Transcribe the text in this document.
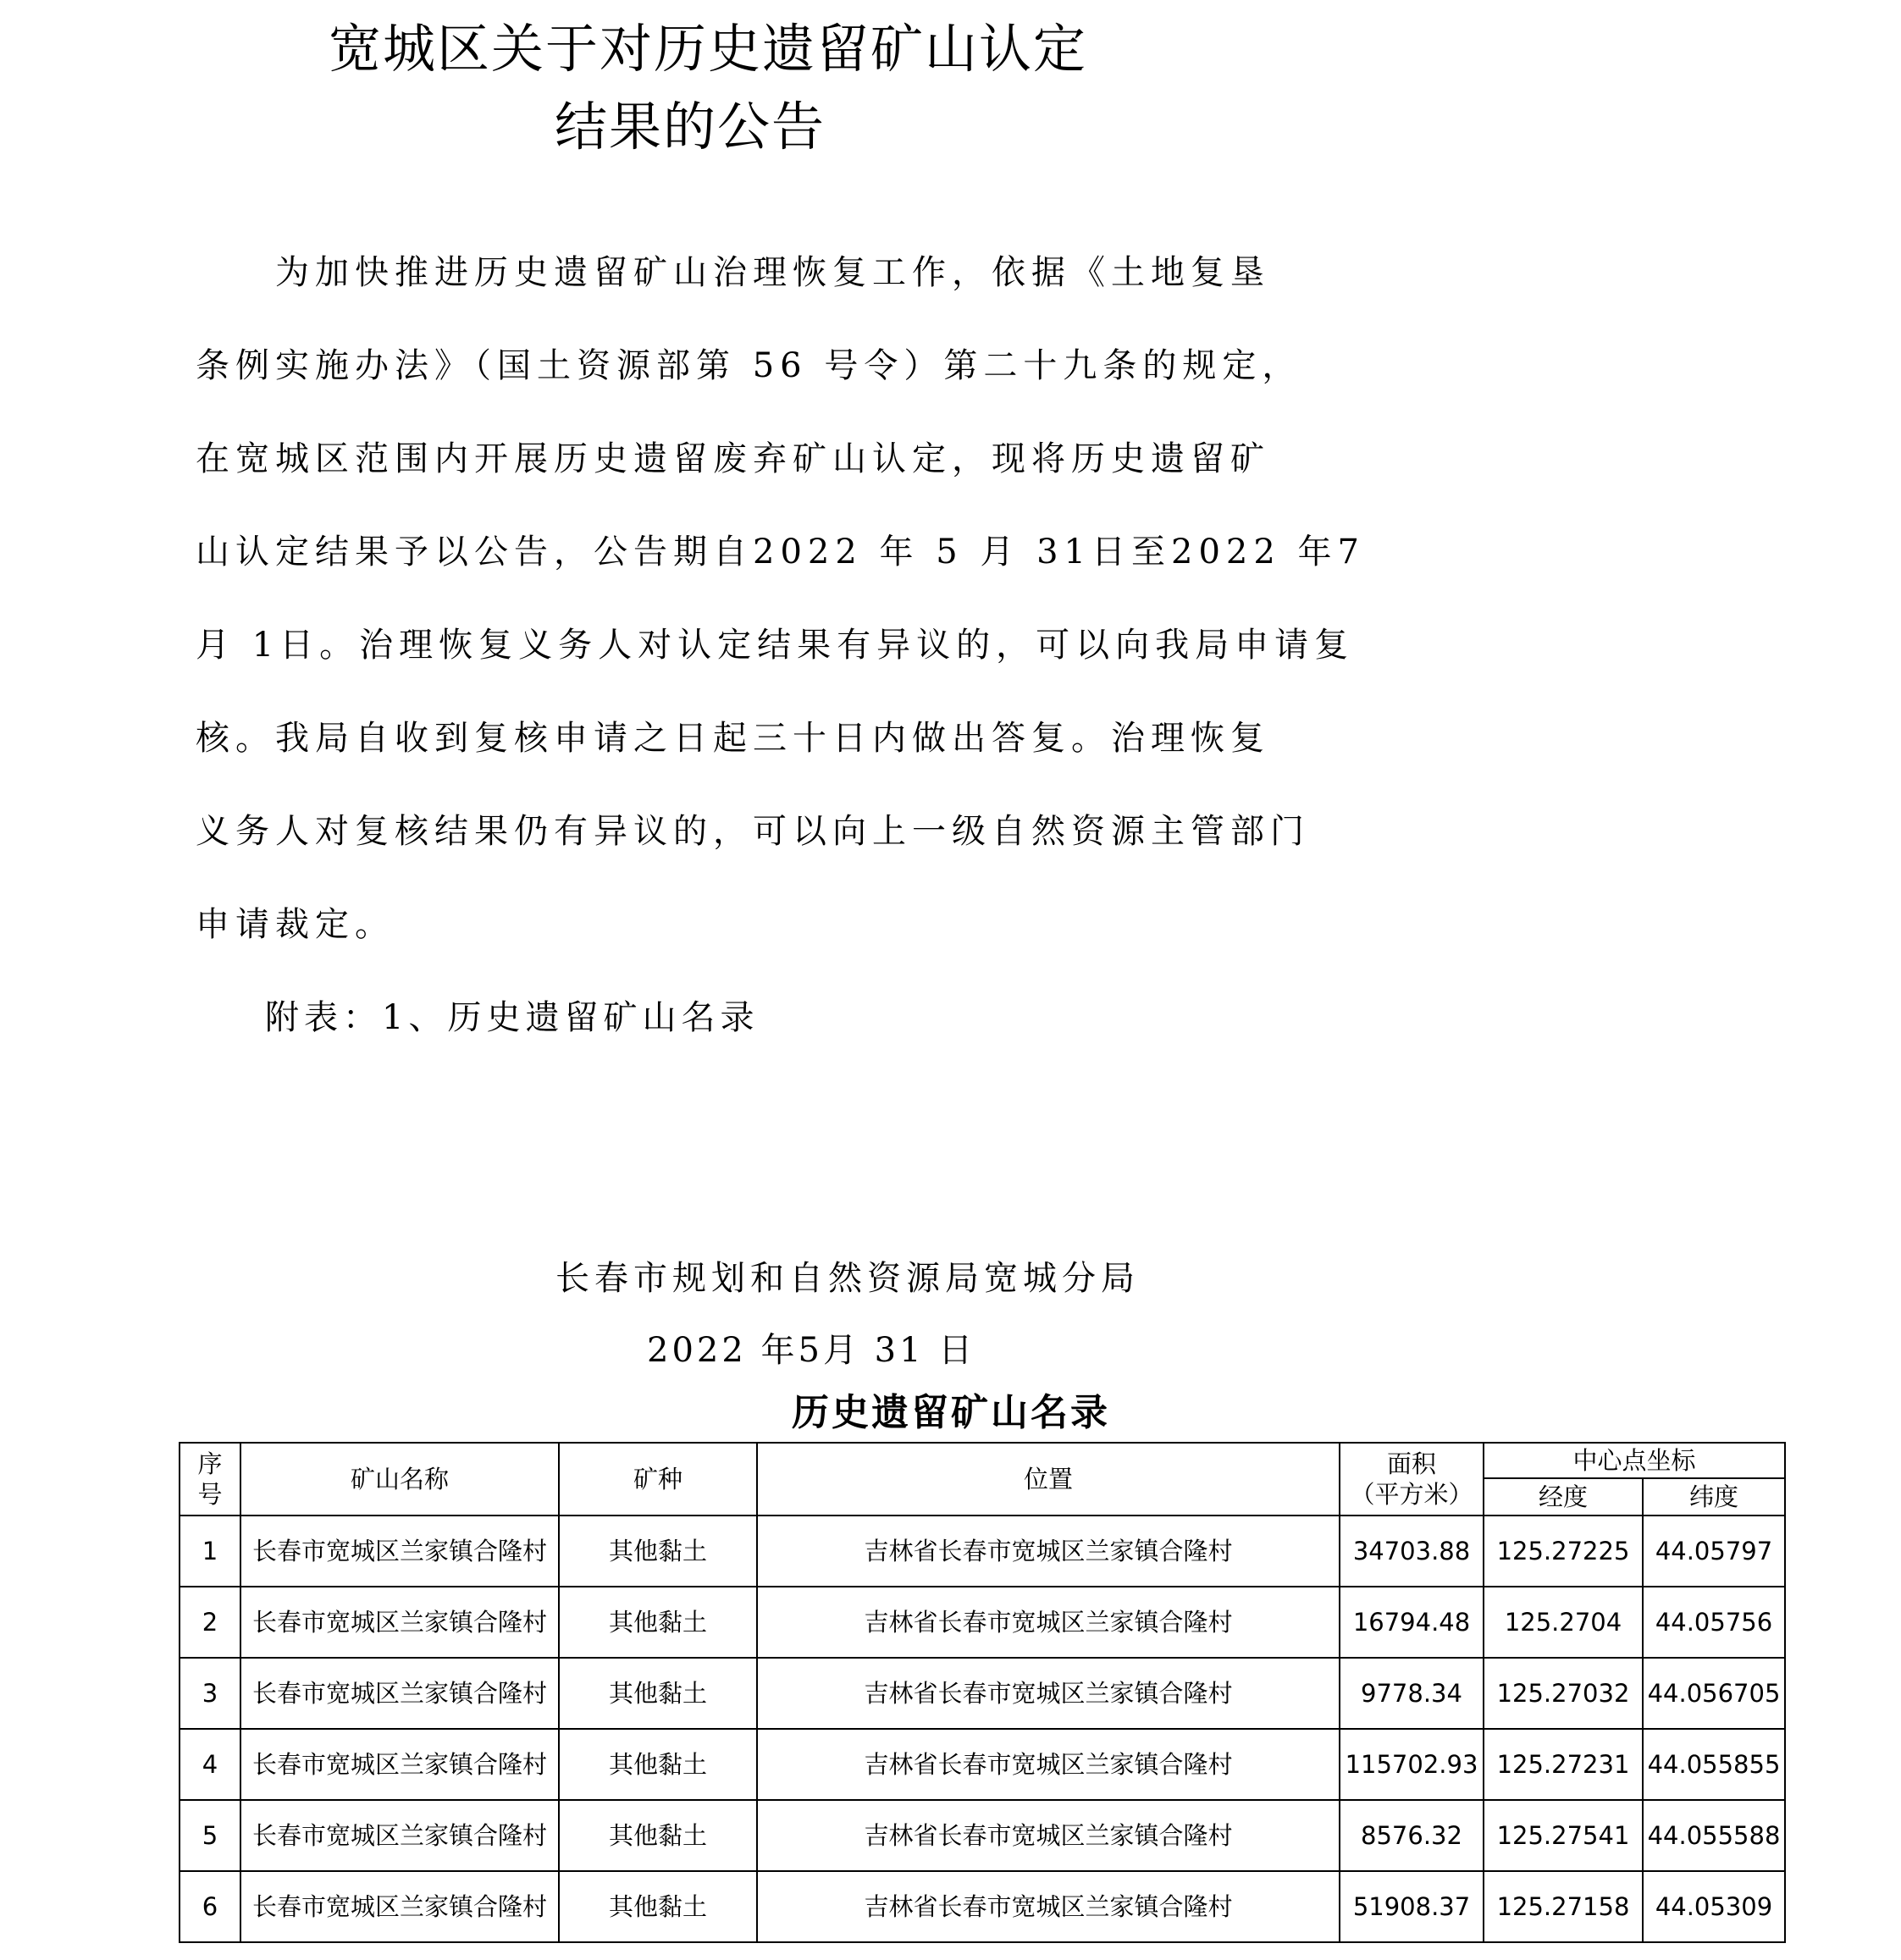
宽城区关于对历史遗留矿山认定
结果的公告
　　为加快推进历史遗留矿山治理恢复工作，依据《土地复垦
条例实施办法》（国土资源部第 56 号令）第二十九条的规定，
在宽城区范围内开展历史遗留废弃矿山认定，现将历史遗留矿
山认定结果予以公告，公告期自2022 年 5 月 31日至2022 年7
月 1日。治理恢复义务人对认定结果有异议的，可以向我局申请复
核。我局自收到复核申请之日起三十日内做出答复。治理恢复
义务人对复核结果仍有异议的，可以向上一级自然资源主管部门
申请裁定。
附表：1、历史遗留矿山名录
长春市规划和自然资源局宽城分局
2022 年5月 31 日
历史遗留矿山名录
序
号	矿山名称	矿种	位置	面积
（平方米）	中心点坐标	
					经度	纬度
1	长春市宽城区兰家镇合隆村	其他黏土	吉林省长春市宽城区兰家镇合隆村	34703.88	125.27225	44.05797
2	长春市宽城区兰家镇合隆村	其他黏土	吉林省长春市宽城区兰家镇合隆村	16794.48	125.2704	44.05756
3	长春市宽城区兰家镇合隆村	其他黏土	吉林省长春市宽城区兰家镇合隆村	9778.34	125.27032	44.056705
4	长春市宽城区兰家镇合隆村	其他黏土	吉林省长春市宽城区兰家镇合隆村	115702.93	125.27231	44.055855
5	长春市宽城区兰家镇合隆村	其他黏土	吉林省长春市宽城区兰家镇合隆村	8576.32	125.27541	44.055588
6	长春市宽城区兰家镇合隆村	其他黏土	吉林省长春市宽城区兰家镇合隆村	51908.37	125.27158	44.05309
